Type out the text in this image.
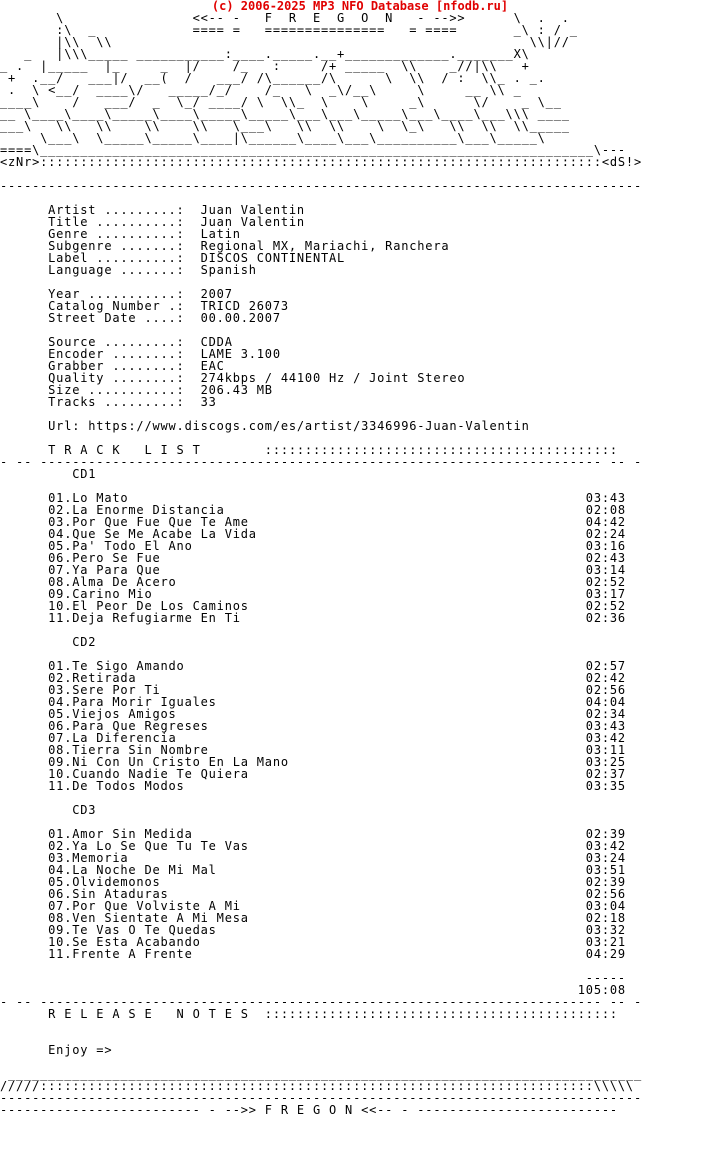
(c) 2006-2025 MP3 NFO Database [nfodb.ru]
\                <<-- -   F  R  E  G  O  N   - -->>      \  .  .
:\  _            ==== =   ===============   = ====       _\ : / _
|\\  \\                                                    \\|//
_   |\\\_____ ___________:____._____.__+_____________._______X\
_ .  |_____  |_     _  |/    /_   :     /+ _____  \\    _//|\\   +
+  .__/   ___|/  __(  /   ___/ /\______/\      \  \\  / :  \\_ . _.
.  \ <__/  ____\/   _____/_/    /_   \  _\/__\     \     __ \\ _
____\    /   ___/  _  \_/ ____/ \  \\_  \    \     _\      \/    _ \__
__ \____\____\_____\____\_____\_____\___\___\_____\___\____\___\\\ ____
___\   \\   \\    \\    \\   \___\   \\  \\    \  \_\   \\  \\  \\_____
\___\  \_____\_____\____|\______\____\___\__________\___\_____\
====\_____________________________________________________________________\---
<zNr>::::::::::::::::::::::::::::::::::::::::::::::::::::::::::::::::::::::<dS!>

--------------------------------------------------------------------------------

Artist .........:  Juan Valentin
Title ..........:  Juan Valentin
Genre ..........:  Latin
Subgenre .......:  Regional MX, Mariachi, Ranchera
Label ..........:  DISCOS CONTINENTAL
Language .......:  Spanish

Year ...........:  2007
Catalog Number .:  TRICD 26073
Street Date ....:  00.00.2007

Source .........:  CDDA
Encoder ........:  LAME 3.100
Grabber ........:  EAC
Quality ........:  274kbps / 44100 Hz / Joint Stereo
Size ...........:  206.43 MB
Tracks .........:  33

Url: https://www.discogs.com/es/artist/3346996-Juan-Valentin

T R A C K   L I S T        ::::::::::::::::::::::::::::::::::::::::::::
- -- ---------------------------------------------------------------------- -- -
CD1

01.Lo Mato                                                         03:43
02.La Enorme Distancia                                             02:08
03.Por Que Fue Que Te Ame                                          04:42
04.Que Se Me Acabe La Vida                                         02:24
05.Pa' Todo El Ano                                                 03:16
06.Pero Se Fue                                                     02:43
07.Ya Para Que                                                     03:14
08.Alma De Acero                                                   02:52
09.Carino Mio                                                      03:17
10.El Peor De Los Caminos                                          02:52
11.Deja Refugiarme En Ti                                           02:36

CD2

01.Te Sigo Amando                                                  02:57
02.Retirada                                                        02:42
03.Sere Por Ti                                                     02:56
04.Para Morir Iguales                                              04:04
05.Viejos Amigos                                                   02:34
06.Para Que Regreses                                               03:43
07.La Diferencia                                                   03:42
08.Tierra Sin Nombre                                               03:11
09.Ni Con Un Cristo En La Mano                                     03:25
10.Cuando Nadie Te Quiera                                          02:37
11.De Todos Modos                                                  03:35

CD3

01.Amor Sin Medida                                                 02:39
02.Ya Lo Se Que Tu Te Vas                                          03:42
03.Memoria                                                         03:24
04.La Noche De Mi Mal                                              03:51
05.Olvidemonos                                                     02:39
06.Sin Ataduras                                                    02:56
07.Por Que Volviste A Mi                                           03:04
08.Ven Sientate A Mi Mesa                                          02:18
09.Te Vas O Te Quedas                                              03:32
10.Se Esta Acabando                                                03:21
11.Frente A Frente                                                 04:29

-----
105:08
- -- ---------------------------------------------------------------------- -- -
R E L E A S E   N O T E S  ::::::::::::::::::::::::::::::::::::::::::::

Enjoy =>

_______________________________________________________________________________
/////:::::::::::::::::::::::::::::::::::::::::::::::::::::::::::::::::::::\\\\\
--------------------------------------------------------------------------------
------------------------- - -->> F R E G O N <<-- - -------------------------
